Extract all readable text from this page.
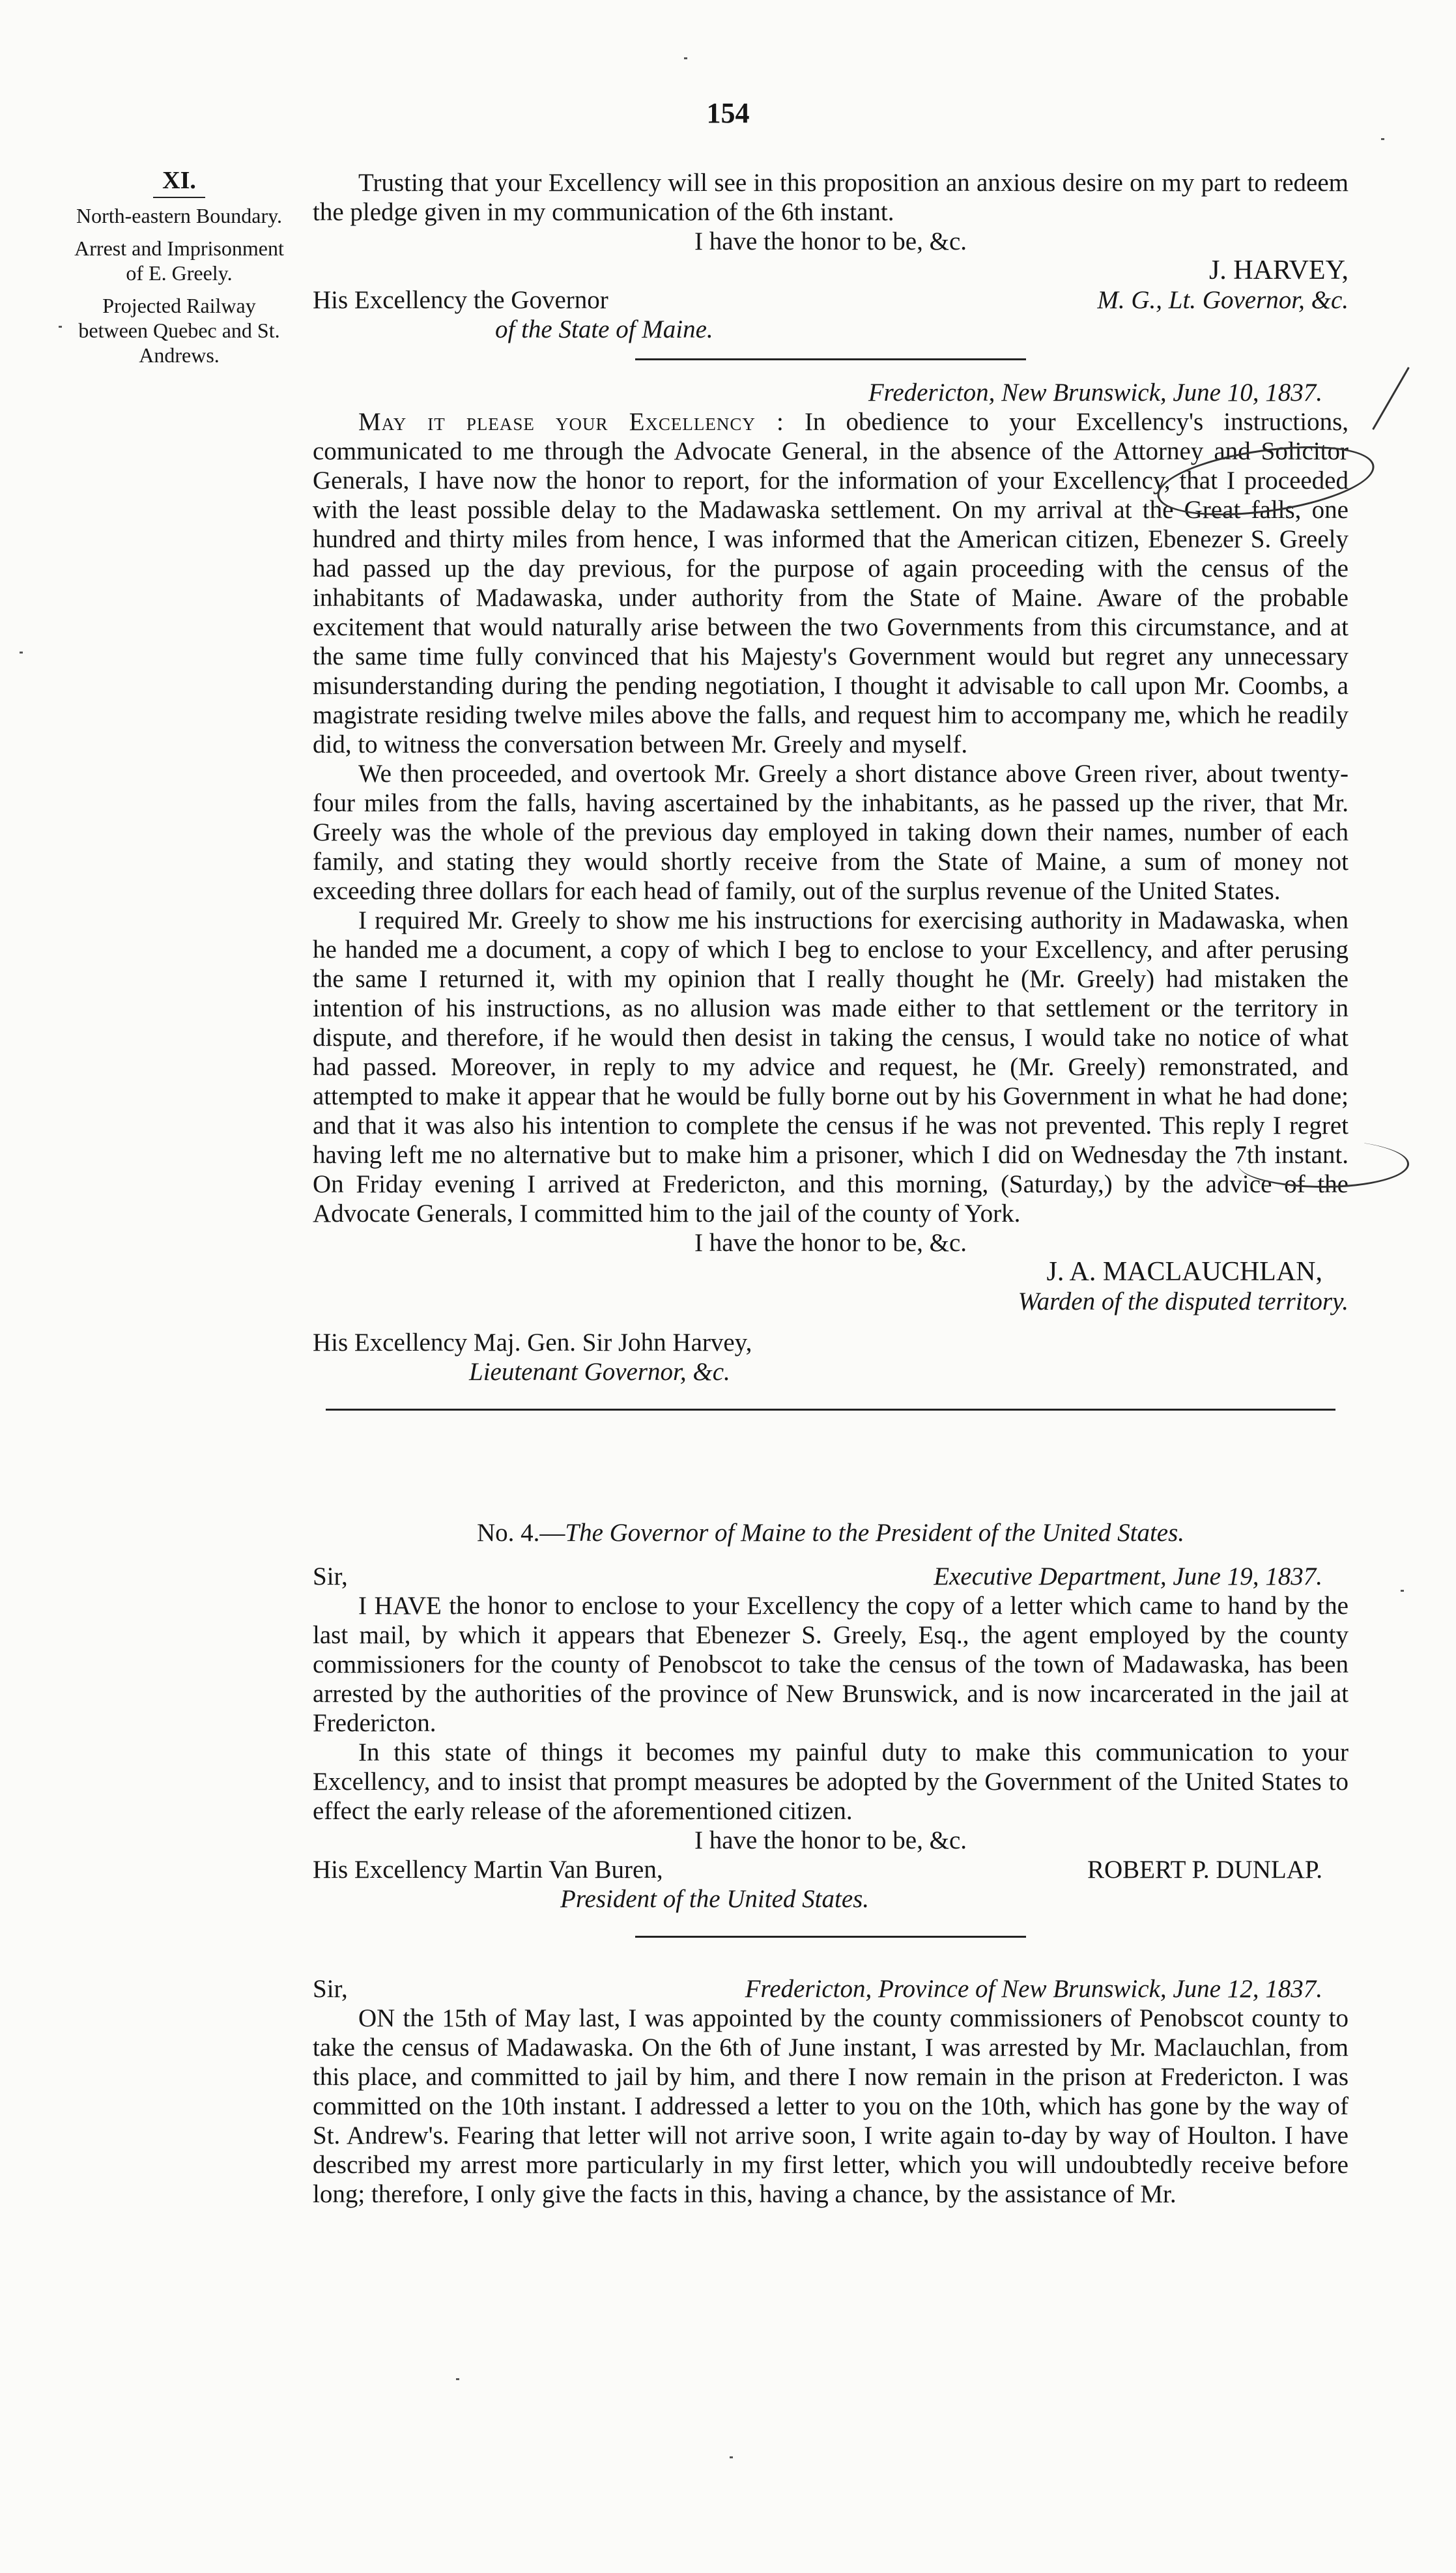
154
XI.

North-eastern Boundary.

Arrest and Imprisonment of E. Greely.

Projected Railway between Quebec and St. Andrews.

Trusting that your Excellency will see in this proposition an anxious desire on my part to redeem the pledge given in my communication of the 6th instant.

I have the honor to be, &c.
J. HARVEY,
His Excellency the Governor	M. G., Lt. Governor, &c.
of the State of Maine.
Fredericton, New Brunswick, June 10, 1837.

May it please your Excellency : In obedience to your Excellency's instructions, communicated to me through the Advocate General, in the absence of the Attorney and Solicitor Generals, I have now the honor to report, for the information of your Excellency, that I proceeded with the least possible delay to the Madawaska settlement. On my arrival at the Great falls, one hundred and thirty miles from hence, I was informed that the American citizen, Ebenezer S. Greely had passed up the day previous, for the purpose of again proceeding with the census of the inhabitants of Madawaska, under authority from the State of Maine. Aware of the probable excitement that would naturally arise between the two Governments from this circumstance, and at the same time fully convinced that his Majesty's Government would but regret any unnecessary misunderstanding during the pending negotiation, I thought it advisable to call upon Mr. Coombs, a magistrate residing twelve miles above the falls, and request him to accompany me, which he readily did, to witness the conversation between Mr. Greely and myself.

We then proceeded, and overtook Mr. Greely a short distance above Green river, about twenty-four miles from the falls, having ascertained by the inhabitants, as he passed up the river, that Mr. Greely was the whole of the previous day employed in taking down their names, number of each family, and stating they would shortly receive from the State of Maine, a sum of money not exceeding three dollars for each head of family, out of the surplus revenue of the United States.

I required Mr. Greely to show me his instructions for exercising authority in Madawaska, when he handed me a document, a copy of which I beg to enclose to your Excellency, and after perusing the same I returned it, with my opinion that I really thought he (Mr. Greely) had mistaken the intention of his instructions, as no allusion was made either to that settlement or the territory in dispute, and therefore, if he would then desist in taking the census, I would take no notice of what had passed. Moreover, in reply to my advice and request, he (Mr. Greely) remonstrated, and attempted to make it appear that he would be fully borne out by his Government in what he had done; and that it was also his intention to complete the census if he was not prevented. This reply I regret having left me no alternative but to make him a prisoner, which I did on Wednesday the 7th instant. On Friday evening I arrived at Fredericton, and this morning, (Saturday,) by the advice of the Advocate Generals, I committed him to the jail of the county of York.

I have the honor to be, &c.
J. A. MACLAUCHLAN,
Warden of the disputed territory.
His Excellency Maj. Gen. Sir John Harvey,
Lieutenant Governor, &c.
No. 4.—The Governor of Maine to the President of the United States.
Sir,	Executive Department, June 19, 1837.

I HAVE the honor to enclose to your Excellency the copy of a letter which came to hand by the last mail, by which it appears that Ebenezer S. Greely, Esq., the agent employed by the county commissioners for the county of Penobscot to take the census of the town of Madawaska, has been arrested by the authorities of the province of New Brunswick, and is now incarcerated in the jail at Fredericton.

In this state of things it becomes my painful duty to make this communication to your Excellency, and to insist that prompt measures be adopted by the Government of the United States to effect the early release of the aforementioned citizen.

I have the honor to be, &c.
His Excellency Martin Van Buren,	ROBERT P. DUNLAP.
President of the United States.
Sir,	Fredericton, Province of New Brunswick, June 12, 1837.

ON the 15th of May last, I was appointed by the county commissioners of Penobscot county to take the census of Madawaska. On the 6th of June instant, I was arrested by Mr. Maclauchlan, from this place, and committed to jail by him, and there I now remain in the prison at Fredericton. I was committed on the 10th instant. I addressed a letter to you on the 10th, which has gone by the way of St. Andrew's. Fearing that letter will not arrive soon, I write again to-day by way of Houlton. I have described my arrest more particularly in my first letter, which you will undoubtedly receive before long; therefore, I only give the facts in this, having a chance, by the assistance of Mr.
